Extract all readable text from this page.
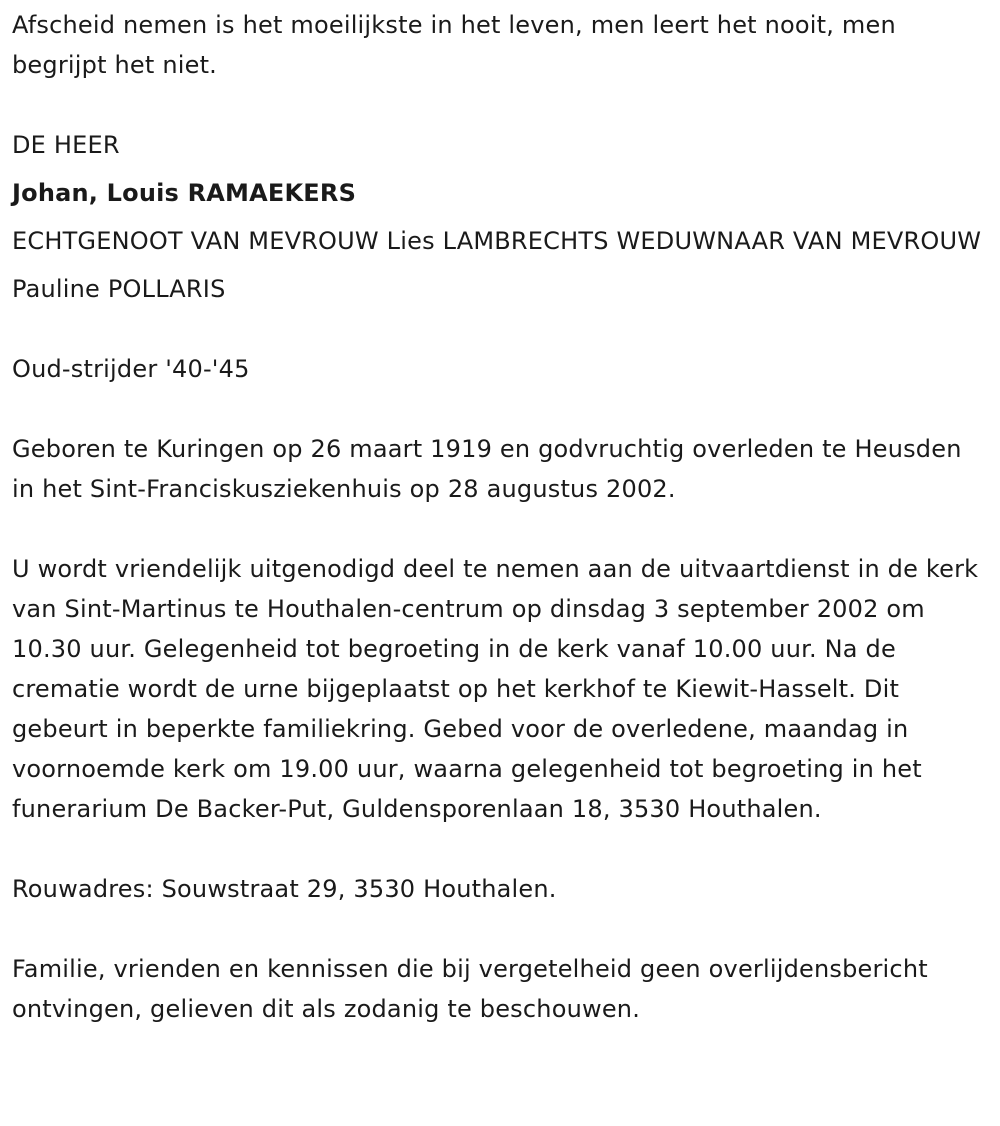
Afscheid nemen is het moeilijkste in het leven, men leert het nooit, men begrijpt het niet.

DE HEER

Johan, Louis RAMAEKERS

ECHTGENOOT VAN MEVROUW Lies LAMBRECHTS WEDUWNAAR VAN MEVROUW

Pauline POLLARIS

Oud-strijder '40-'45

Geboren te Kuringen op 26 maart 1919 en godvruchtig overleden te Heusden in het Sint-Franciskusziekenhuis op 28 augustus 2002.

U wordt vriendelijk uitgenodigd deel te nemen aan de uitvaartdienst in de kerk van Sint-Martinus te Houthalen-centrum op dinsdag 3 september 2002 om 10.30 uur. Gelegenheid tot begroeting in de kerk vanaf 10.00 uur. Na de crematie wordt de urne bijgeplaatst op het kerkhof te Kiewit-Hasselt. Dit gebeurt in beperkte familiekring. Gebed voor de overledene, maandag in voornoemde kerk om 19.00 uur, waarna gelegenheid tot begroeting in het funerarium De Backer-Put, Guldensporenlaan 18, 3530 Houthalen.

Rouwadres: Souwstraat 29, 3530 Houthalen.

Familie, vrienden en kennissen die bij vergetelheid geen overlijdensbericht ontvingen, gelieven dit als zodanig te beschouwen.
